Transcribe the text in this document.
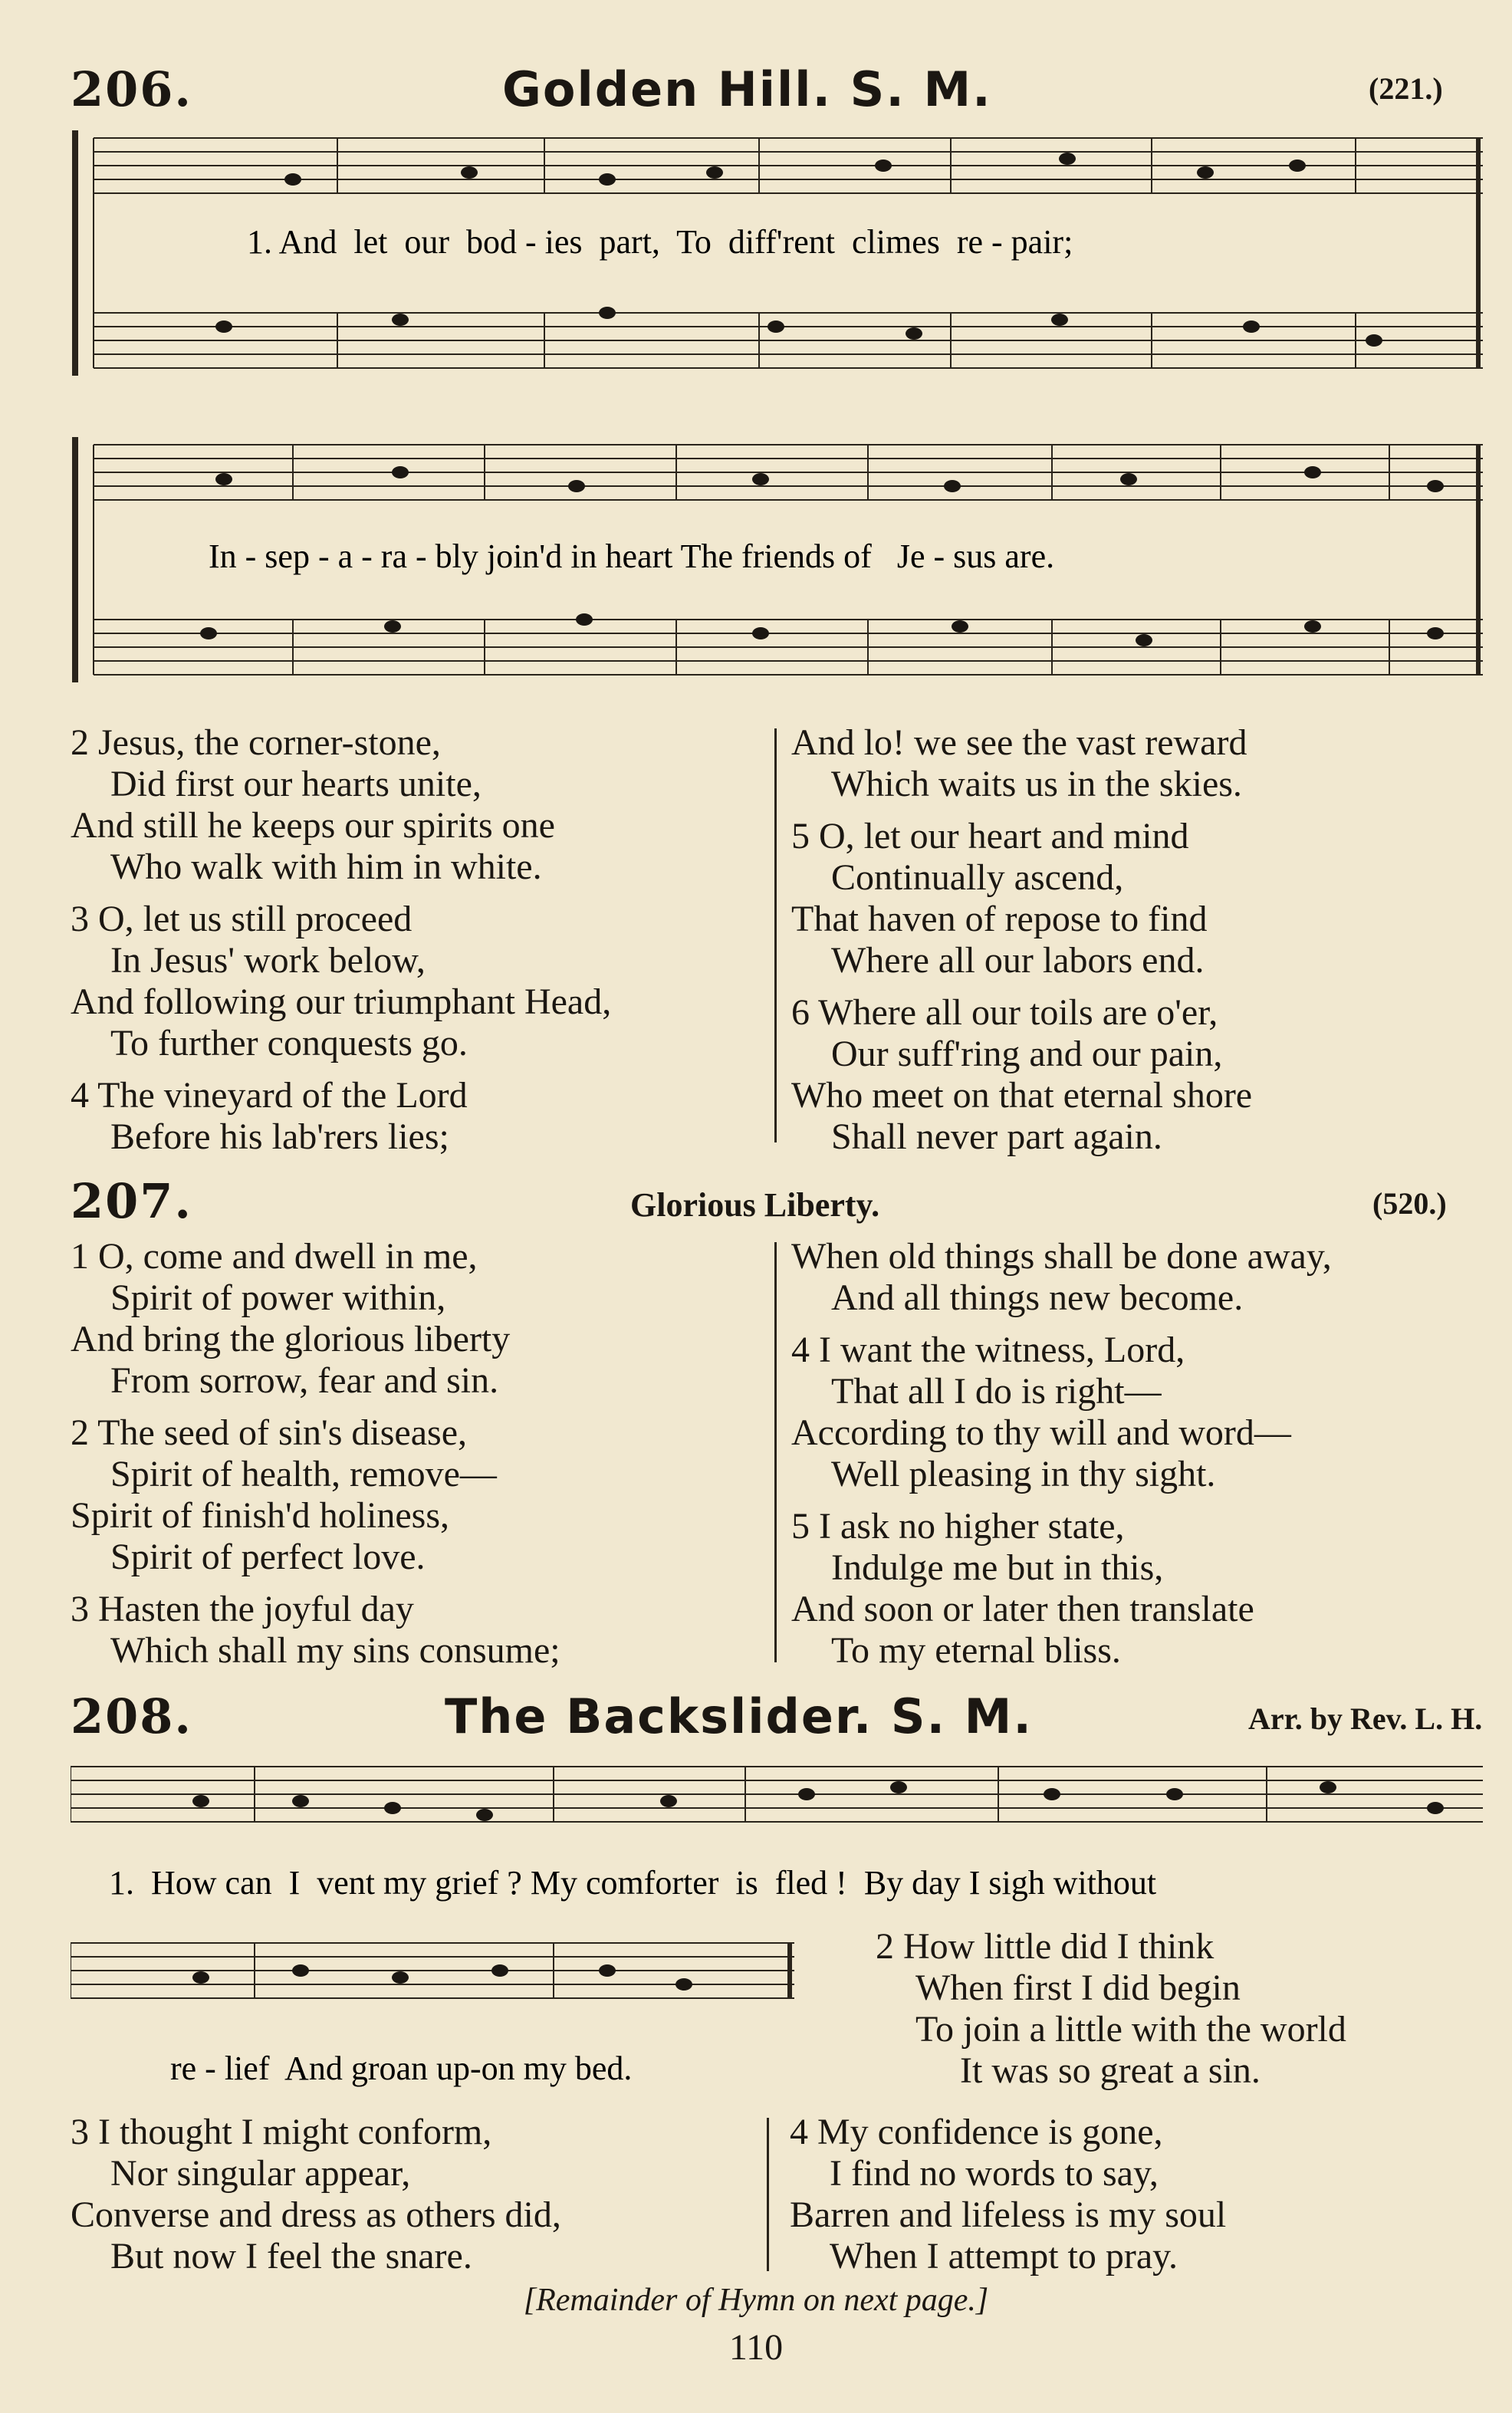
206.	Golden Hill. S. M.	(221.)
1. And  let  our  bod - ies  part,  To  diff'rent  climes  re - pair;
In - sep - a - ra - bly join'd in heart The friends of   Je - sus are.
2 Jesus, the corner-stone,
Did first our hearts unite,
And still he keeps our spirits one
Who walk with him in white.
3 O, let us still proceed
In Jesus' work below,
And following our triumphant Head,
To further conquests go.
4 The vineyard of the Lord
Before his lab'rers lies;
And lo! we see the vast reward
Which waits us in the skies.
5 O, let our heart and mind
Continually ascend,
That haven of repose to find
Where all our labors end.
6 Where all our toils are o'er,
Our suff'ring and our pain,
Who meet on that eternal shore
Shall never part again.
207.	Glorious Liberty.	(520.)
1 O, come and dwell in me,
Spirit of power within,
And bring the glorious liberty
From sorrow, fear and sin.
2 The seed of sin's disease,
Spirit of health, remove—
Spirit of finish'd holiness,
Spirit of perfect love.
3 Hasten the joyful day
Which shall my sins consume;
When old things shall be done away,
And all things new become.
4 I want the witness, Lord,
That all I do is right—
According to thy will and word—
Well pleasing in thy sight.
5 I ask no higher state,
Indulge me but in this,
And soon or later then translate
To my eternal bliss.
208.	The Backslider. S. M.	Arr. by Rev. L. H.
1.  How can  I  vent my grief ? My comforter  is  fled !  By day I sigh without
re - lief  And groan up-on my bed.
2 How little did I think
When first I did begin
To join a little with the world
It was so great a sin.
3 I thought I might conform,
Nor singular appear,
Converse and dress as others did,
But now I feel the snare.
4 My confidence is gone,
I find no words to say,
Barren and lifeless is my soul
When I attempt to pray.
[Remainder of Hymn on next page.]
110
